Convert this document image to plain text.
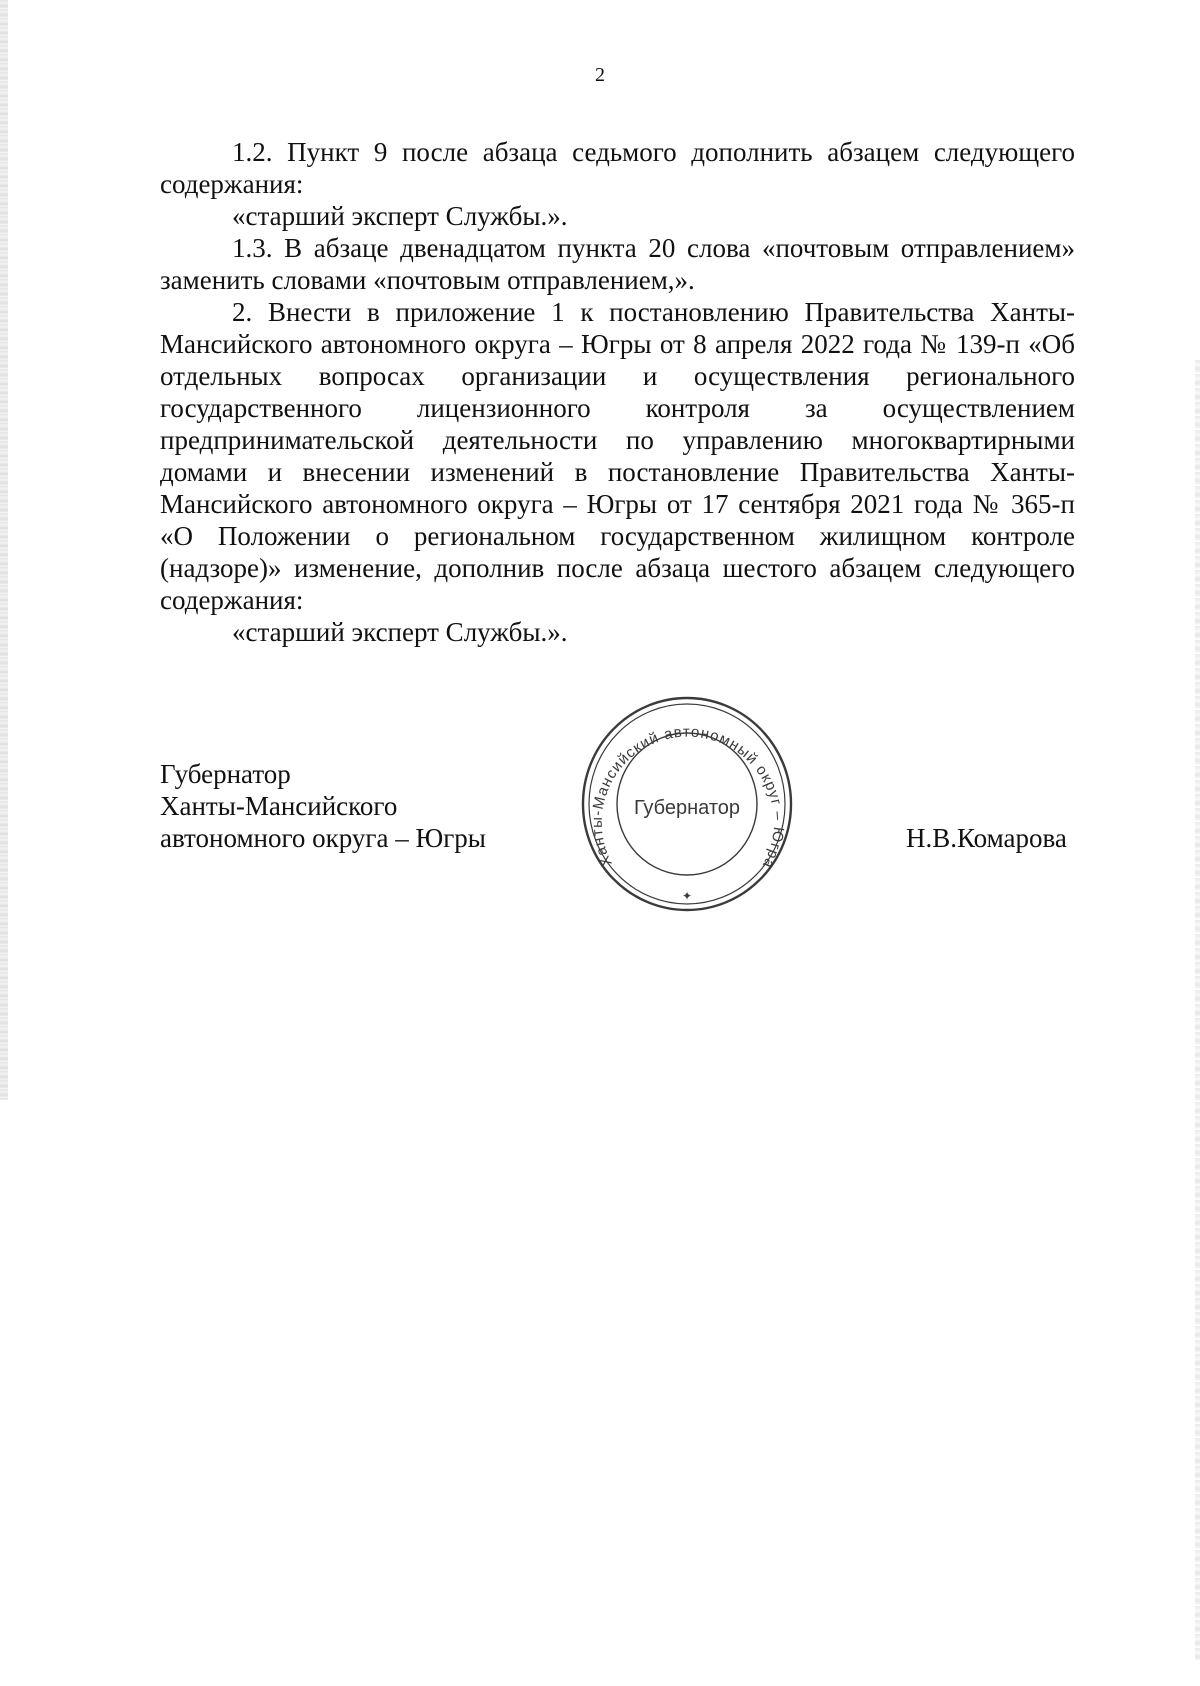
2

1.2. Пункт 9 после абзаца седьмого дополнить абзацем следующего содержания:

«старший эксперт Службы.».

1.3. В абзаце двенадцатом пункта 20 слова «почтовым отправлением» заменить словами «почтовым отправлением,».

2. Внести в приложение 1 к постановлению Правительства Ханты-Мансийского автономного округа – Югры от 8 апреля 2022 года № 139-п «Об отдельных вопросах организации и осуществления регионального государственного лицензионного контроля за осуществлением предпринимательской деятельности по управлению многоквартирными домами и внесении изменений в постановление Правительства Ханты-Мансийского автономного округа – Югры от 17 сентября 2021 года № 365-п «О Положении о региональном государственном жилищном контроле (надзоре)» изменение, дополнив после абзаца шестого абзацем следующего содержания:

«старший эксперт Службы.».

Губернатор
Ханты-Мансийского
автономного округа – Югры
Ханты-Мансийский автономный округ – Югра
Губернатор
✦
Н.В.Комарова
